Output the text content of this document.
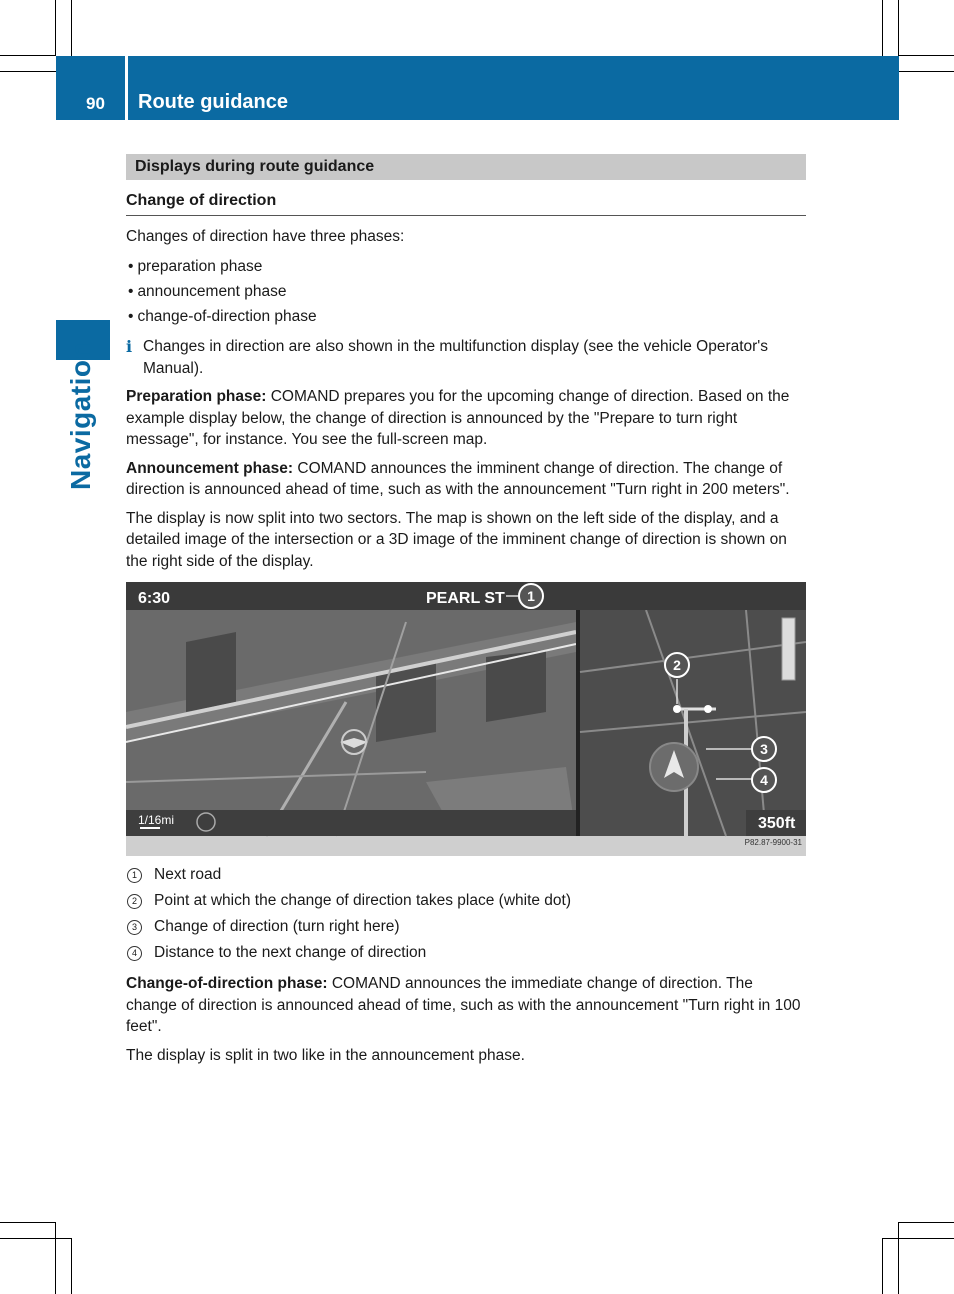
90 Route guidance
Navigation
Displays during route guidance
Change of direction

Changes of direction have three phases:

• preparation phase
• announcement phase
• change-of-direction phase
i Changes in direction are also shown in the multifunction display (see the vehicle Operator's Manual).

Preparation phase: COMAND prepares you for the upcoming change of direction. Based on the example display below, the change of direction is announced by the "Prepare to turn right message", for instance. You see the full-screen map.

Announcement phase: COMAND announces the imminent change of direction. The change of direction is announced ahead of time, such as with the announcement "Turn right in 200 meters".

The display is now split into two sectors. The map is shown on the left side of the display, and a detailed image of the intersection or a 3D image of the imminent change of direction is shown on the right side of the display.

6:30	PEARL ST
1/16mi	350ft
1
2
3
4
P82.87-9900-31
1	Next road
2	Point at which the change of direction takes place (white dot)
3	Change of direction (turn right here)
4	Distance to the next change of direction

Change-of-direction phase: COMAND announces the immediate change of direction. The change of direction is announced ahead of time, such as with the announcement "Turn right in 100 feet".

The display is split in two like in the announcement phase.
